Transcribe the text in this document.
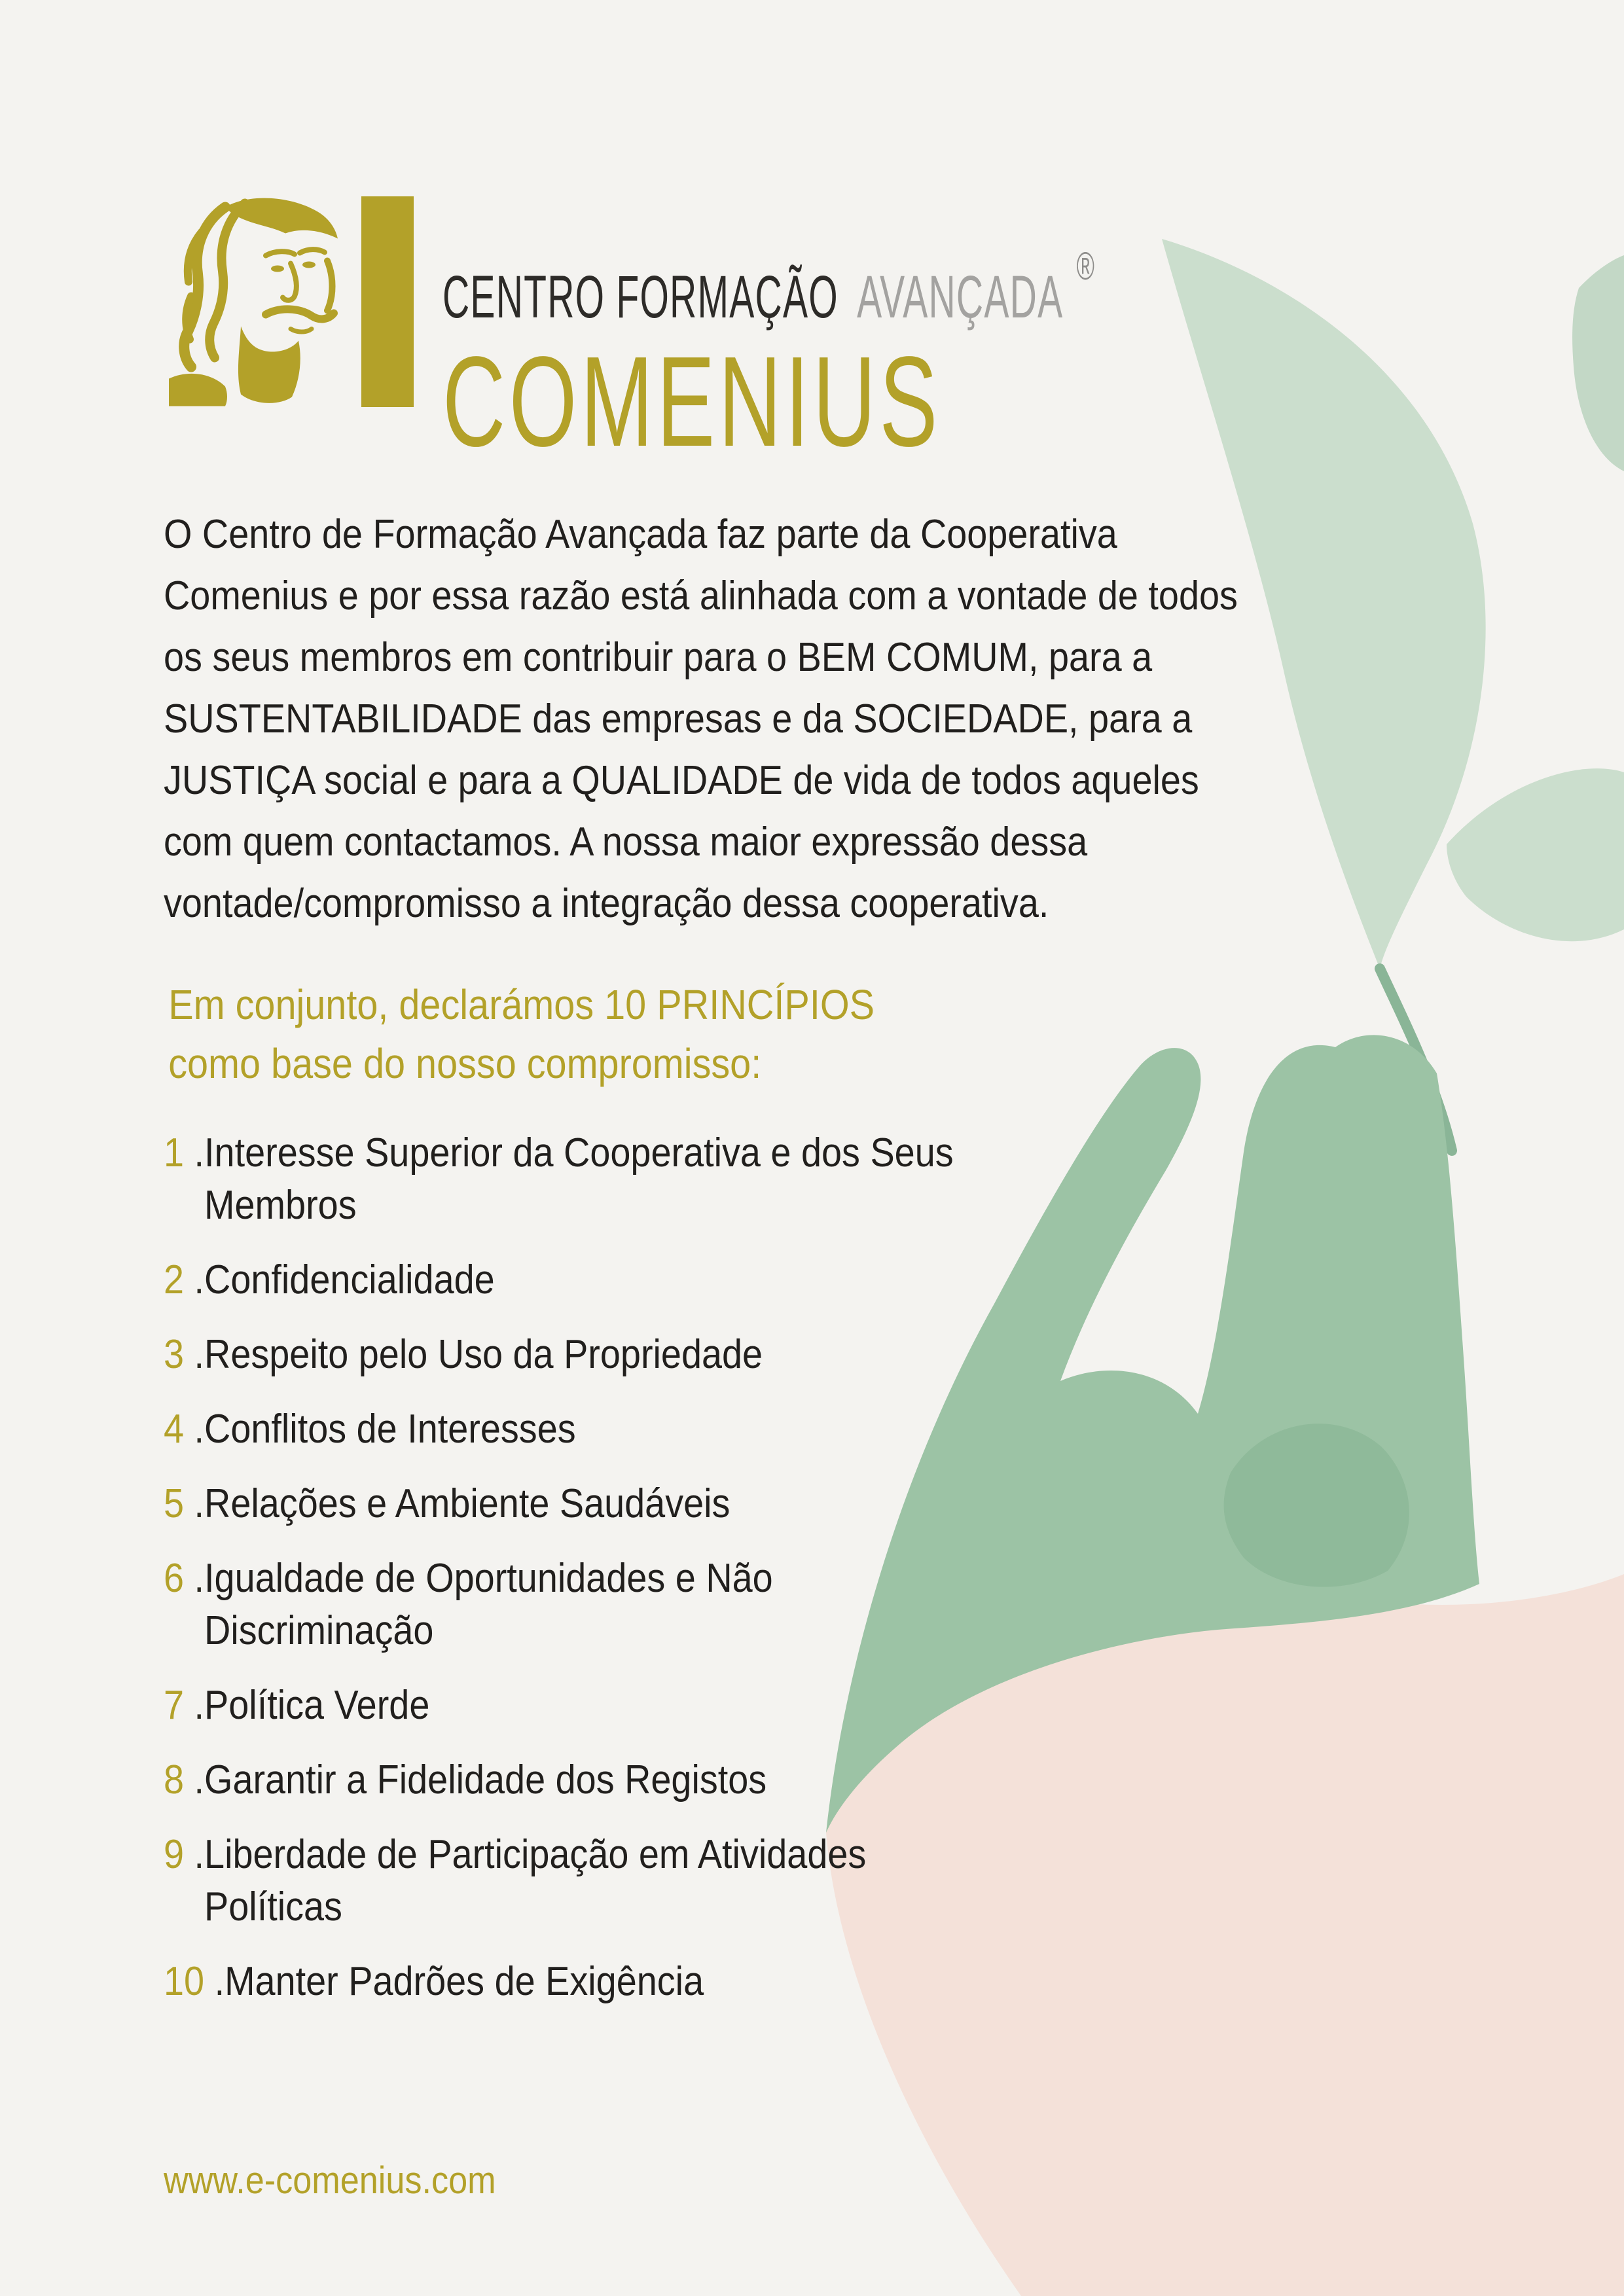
CENTRO FORMAÇÃO AVANÇADA ®
COMENIUS
O Centro de Formação Avançada faz parte da Cooperativa
Comenius e por essa razão está alinhada com a vontade de todos
os seus membros em contribuir para o BEM COMUM, para a
SUSTENTABILIDADE das empresas e da SOCIEDADE, para a
JUSTIÇA social e para a QUALIDADE de vida de todos aqueles
com quem contactamos. A nossa maior expressão dessa
vontade/compromisso a integração dessa cooperativa.
Em conjunto, declarámos 10 PRINCÍPIOS
como base do nosso compromisso:
1 . Interesse Superior da Cooperativa e dos Seus Membros
2 . Confidencialidade
3 . Respeito pelo Uso da Propriedade
4 . Conflitos de Interesses
5 . Relações e Ambiente Saudáveis
6 . Igualdade de Oportunidades e Não Discriminação
7 . Política Verde
8 . Garantir a Fidelidade dos Registos
9 . Liberdade de Participação em Atividades Políticas
10 . Manter Padrões de Exigência
www.e-comenius.com
